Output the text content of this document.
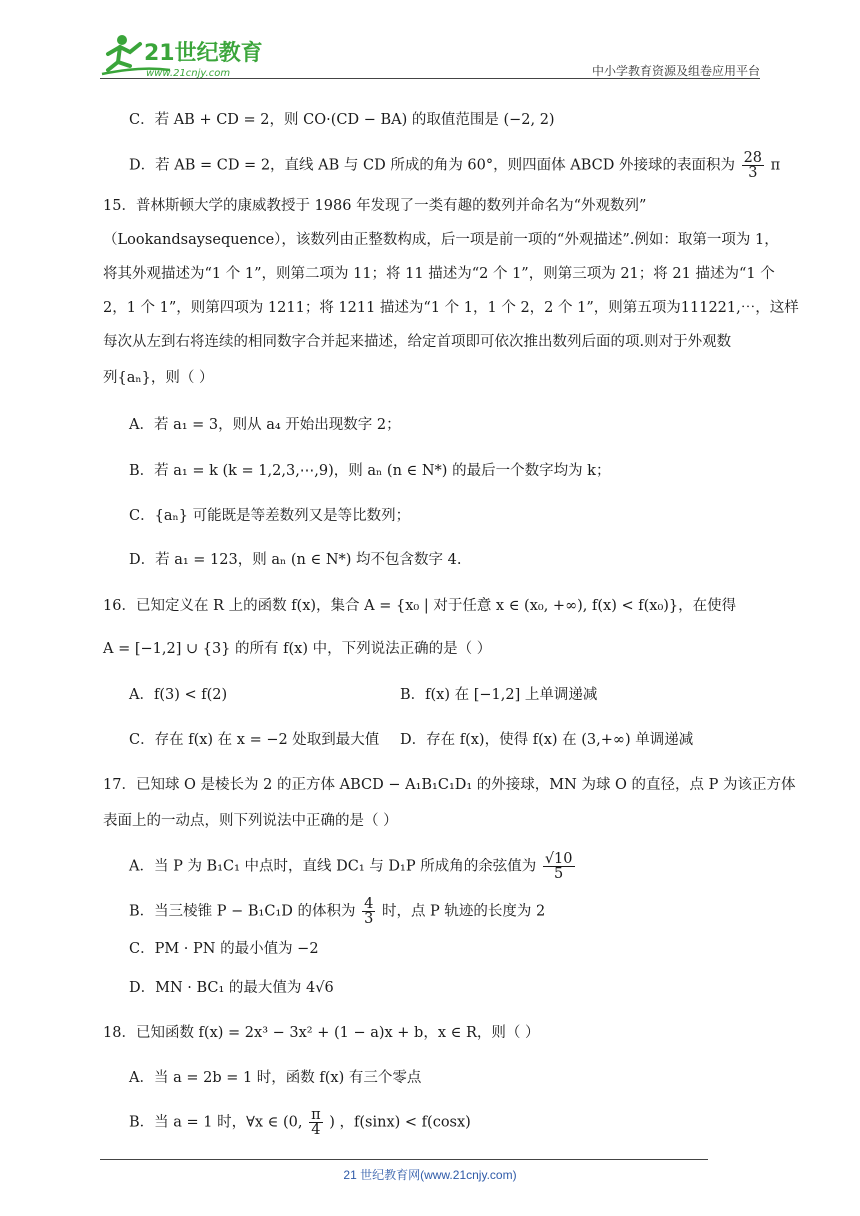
21世纪教育
www.21cnjy.com	中小学教育资源及组卷应用平台
C．若 AB + CD = 2，则 CO·(CD − BA) 的取值范围是 (−2, 2)
D．若 AB = CD = 2，直线 AB 与 CD 所成的角为 60°，则四面体 ABCD 外接球的表面积为 $\frac{28}{3}$ π
15．普林斯顿大学的康威教授于 1986 年发现了一类有趣的数列并命名为“外观数列”
（Lookandsaysequence），该数列由正整数构成，后一项是前一项的“外观描述”.例如：取第一项为 1，
将其外观描述为“1 个 1”，则第二项为 11；将 11 描述为“2 个 1”，则第三项为 21；将 21 描述为“1 个
2，1 个 1”，则第四项为 1211；将 1211 描述为“1 个 1，1 个 2，2 个 1”，则第五项为111221,⋯，这样
每次从左到右将连续的相同数字合并起来描述，给定首项即可依次推出数列后面的项.则对于外观数
列{aₙ}，则（ ）
A．若 a₁ = 3，则从 a₄ 开始出现数字 2；
B．若 a₁ = k (k = 1,2,3,⋯,9)，则 aₙ (n ∈ N*) 的最后一个数字均为 k；
C．{aₙ} 可能既是等差数列又是等比数列；
D．若 a₁ = 123，则 aₙ (n ∈ N*) 均不包含数字 4.
16．已知定义在 R 上的函数 f(x)，集合 A = {x₀ | 对于任意 x ∈ (x₀, +∞), f(x) < f(x₀)}，在使得
A = [−1,2] ∪ {3} 的所有 f(x) 中，下列说法正确的是（ ）
A．f(3) < f(2)	B．f(x) 在 [−1,2] 上单调递减
C．存在 f(x) 在 x = −2 处取到最大值 D．存在 f(x)，使得 f(x) 在 (3,+∞) 单调递减
17．已知球 O 是棱长为 2 的正方体 ABCD − A₁B₁C₁D₁ 的外接球，MN 为球 O 的直径，点 P 为该正方体
表面上的一动点，则下列说法中正确的是（ ）
A．当 P 为 B₁C₁ 中点时，直线 DC₁ 与 D₁P 所成角的余弦值为 $\frac{√10}{5}$
B．当三棱锥 P − B₁C₁D 的体积为 $\frac{4}{3}$ 时，点 P 轨迹的长度为 2
C．PM · PN 的最小值为 −2
D．MN · BC₁ 的最大值为 4√6
18．已知函数 f(x) = 2x³ − 3x² + (1 − a)x + b，x ∈ R，则（ ）
A．当 a = 2b = 1 时，函数 f(x) 有三个零点
B．当 a = 1 时，∀x ∈ (0, $\frac{\pi}{4}$ ) ，f(sinx) < f(cosx)
21 世纪教育网(www.21cnjy.com)
